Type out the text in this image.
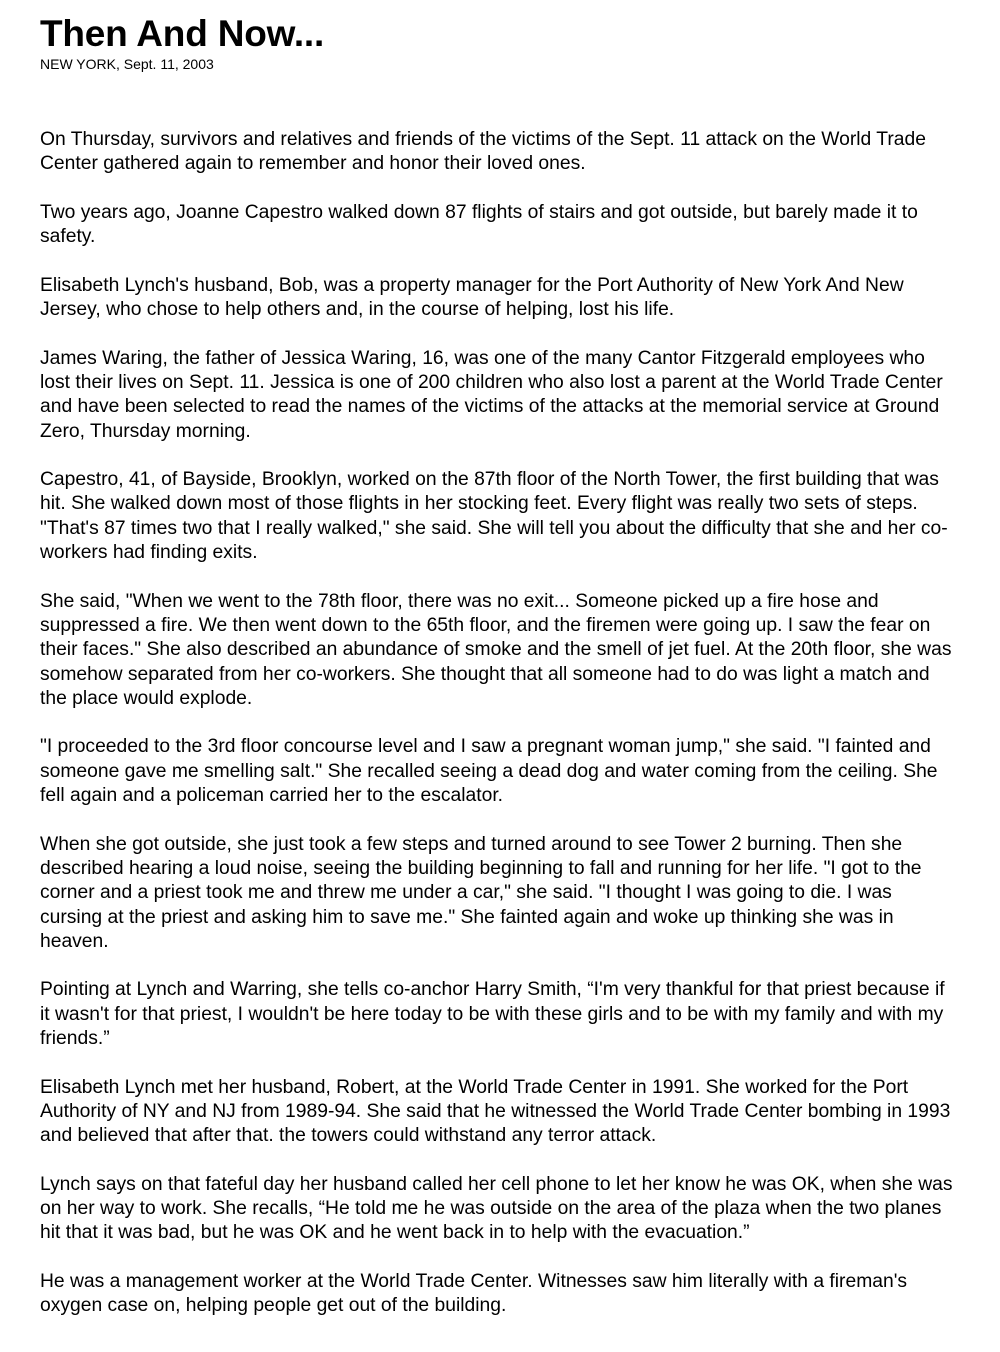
Then And Now...

NEW YORK, Sept. 11, 2003

On Thursday, survivors and relatives and friends of the victims of the Sept. 11 attack on the World Trade Center gathered again to remember and honor their loved ones.

Two years ago, Joanne Capestro walked down 87 flights of stairs and got outside, but barely made it to safety.

Elisabeth Lynch's husband, Bob, was a property manager for the Port Authority of New York And New Jersey, who chose to help others and, in the course of helping, lost his life.

James Waring, the father of Jessica Waring, 16, was one of the many Cantor Fitzgerald employees who lost their lives on Sept. 11. Jessica is one of 200 children who also lost a parent at the World Trade Center and have been selected to read the names of the victims of the attacks at the memorial service at Ground Zero, Thursday morning.

Capestro, 41, of Bayside, Brooklyn, worked on the 87th floor of the North Tower, the first building that was hit. She walked down most of those flights in her stocking feet. Every flight was really two sets of steps. "That's 87 times two that I really walked," she said. She will tell you about the difficulty that she and her co-workers had finding exits.

She said, "When we went to the 78th floor, there was no exit... Someone picked up a fire hose and suppressed a fire. We then went down to the 65th floor, and the firemen were going up. I saw the fear on their faces." She also described an abundance of smoke and the smell of jet fuel. At the 20th floor, she was somehow separated from her co-workers. She thought that all someone had to do was light a match and the place would explode.

"I proceeded to the 3rd floor concourse level and I saw a pregnant woman jump," she said. "I fainted and someone gave me smelling salt." She recalled seeing a dead dog and water coming from the ceiling. She fell again and a policeman carried her to the escalator.

When she got outside, she just took a few steps and turned around to see Tower 2 burning. Then she described hearing a loud noise, seeing the building beginning to fall and running for her life. "I got to the corner and a priest took me and threw me under a car," she said. "I thought I was going to die. I was cursing at the priest and asking him to save me." She fainted again and woke up thinking she was in heaven.

Pointing at Lynch and Warring, she tells co-anchor Harry Smith, “I'm very thankful for that priest because if it wasn't for that priest, I wouldn't be here today to be with these girls and to be with my family and with my friends.”

Elisabeth Lynch met her husband, Robert, at the World Trade Center in 1991. She worked for the Port Authority of NY and NJ from 1989-94. She said that he witnessed the World Trade Center bombing in 1993 and believed that after that. the towers could withstand any terror attack.

Lynch says on that fateful day her husband called her cell phone to let her know he was OK, when she was on her way to work. She recalls, “He told me he was outside on the area of the plaza when the two planes hit that it was bad, but he was OK and he went back in to help with the evacuation.”

He was a management worker at the World Trade Center. Witnesses saw him literally with a fireman's oxygen case on, helping people get out of the building.
